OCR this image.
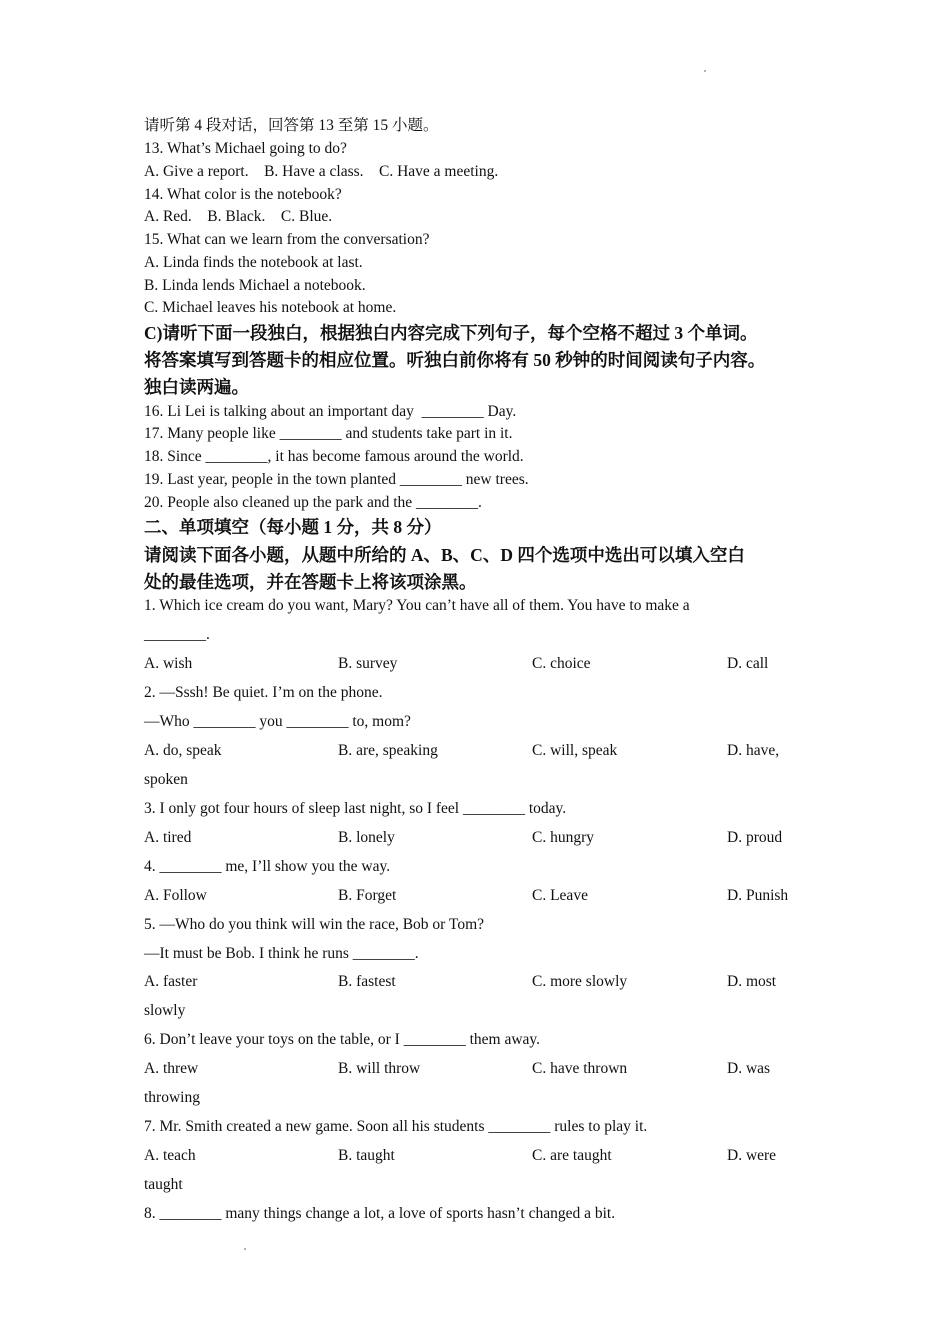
请听第 4 段对话，回答第 13 至第 15 小题。
13. What’s Michael going to do?
A. Give a report.    B. Have a class.    C. Have a meeting.
14. What color is the notebook?
A. Red.    B. Black.    C. Blue.
15. What can we learn from the conversation?
A. Linda finds the notebook at last.
B. Linda lends Michael a notebook.
C. Michael leaves his notebook at home.
C)请听下面一段独白，根据独白内容完成下列句子，每个空格不超过 3 个单词。
将答案填写到答题卡的相应位置。听独白前你将有 50 秒钟的时间阅读句子内容。
独白读两遍。
16. Li Lei is talking about an important day  ________ Day.
17. Many people like ________ and students take part in it.
18. Since ________, it has become famous around the world.
19. Last year, people in the town planted ________ new trees.
20. People also cleaned up the park and the ________.
二、单项填空（每小题 1 分，共 8 分）
请阅读下面各小题，从题中所给的 A、B、C、D 四个选项中选出可以填入空白
处的最佳选项，并在答题卡上将该项涂黑。
1. Which ice cream do you want, Mary? You can’t have all of them. You have to make a
________.
A. wish	B. survey	C. choice	D. call
2. —Sssh! Be quiet. I’m on the phone.
—Who ________ you ________ to, mom?
A. do, speak	B. are, speaking	C. will, speak	D. have,
spoken
3. I only got four hours of sleep last night, so I feel ________ today.
A. tired	B. lonely	C. hungry	D. proud
4. ________ me, I’ll show you the way.
A. Follow	B. Forget	C. Leave	D. Punish
5. —Who do you think will win the race, Bob or Tom?
—It must be Bob. I think he runs ________.
A. faster	B. fastest	C. more slowly	D. most
slowly
6. Don’t leave your toys on the table, or I ________ them away.
A. threw	B. will throw	C. have thrown	D. was
throwing
7. Mr. Smith created a new game. Soon all his students ________ rules to play it.
A. teach	B. taught	C. are taught	D. were
taught
8. ________ many things change a lot, a love of sports hasn’t changed a bit.
